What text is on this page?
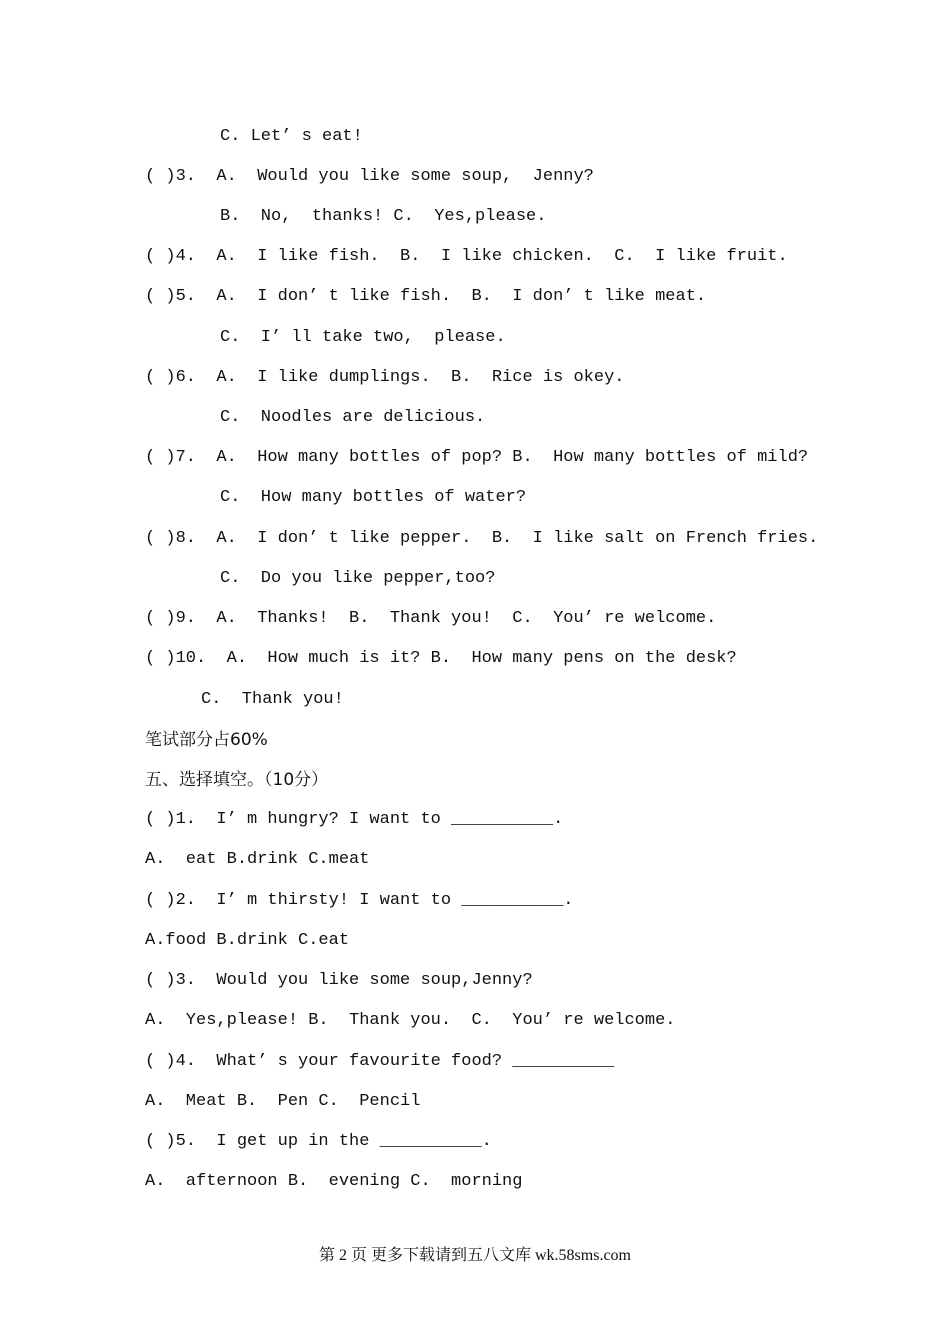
C. Let’ s eat!
( )3.  A.  Would you like some soup,  Jenny?
B.  No,  thanks! C.  Yes,please.
( )4.  A.  I like fish.  B.  I like chicken.  C.  I like fruit.
( )5.  A.  I don’ t like fish.  B.  I don’ t like meat.
C.  I’ ll take two,  please.
( )6.  A.  I like dumplings.  B.  Rice is okey.
C.  Noodles are delicious.
( )7.  A.  How many bottles of pop? B.  How many bottles of mild?
C.  How many bottles of water?
( )8.  A.  I don’ t like pepper.  B.  I like salt on French fries.
C.  Do you like pepper,too?
( )9.  A.  Thanks!  B.  Thank you!  C.  You’ re welcome.
( )10.  A.  How much is it? B.  How many pens on the desk?
C.  Thank you!
笔试部分占60%
五、选择填空。（10分）
( )1.  I’ m hungry? I want to __________.
A.  eat B.drink C.meat
( )2.  I’ m thirsty! I want to __________.
A.food B.drink C.eat
( )3.  Would you like some soup,Jenny?
A.  Yes,please! B.  Thank you.  C.  You’ re welcome.
( )4.  What’ s your favourite food? __________
A.  Meat B.  Pen C.  Pencil
( )5.  I get up in the __________.
A.  afternoon B.  evening C.  morning
第 2 页 更多下载请到五八文库 wk.58sms.com
